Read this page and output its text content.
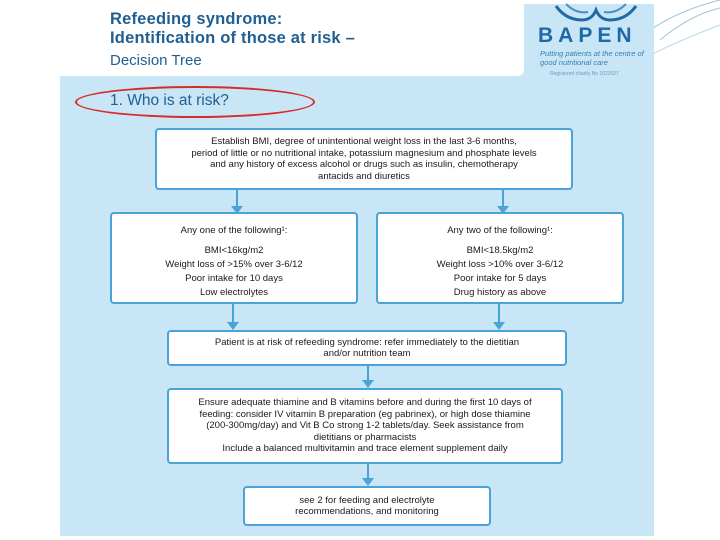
Refeeding syndrome:
Identification of those at risk –
Decision Tree
BAPEN
Putting patients at the centre of good nutritional care
Registered charity No 1023927
1. Who is at risk?
Establish BMI, degree of unintentional weight loss in the last 3-6 months,
period of little or no nutritional intake, potassium magnesium and phosphate levels
and any history of excess alcohol or drugs such as insulin, chemotherapy
antacids and diuretics
Any one of the following¹:
BMI<16kg/m2
Weight loss of >15% over 3-6/12
Poor intake for 10 days
Low electrolytes
Any two of the following¹:
BMI<18.5kg/m2
Weight loss >10% over 3-6/12
Poor intake for 5 days
Drug history as above
Patient is at risk of refeeding syndrome: refer immediately to the dietitian
and/or nutrition team
Ensure adequate thiamine and B vitamins before and during the first 10 days of
feeding: consider IV vitamin B preparation (eg pabrinex), or high dose thiamine
(200-300mg/day) and Vit B Co strong 1-2 tablets/day. Seek assistance from
dietitians or pharmacists
Include a balanced multivitamin and trace element supplement daily
see 2 for feeding and electrolyte
recommendations, and monitoring
